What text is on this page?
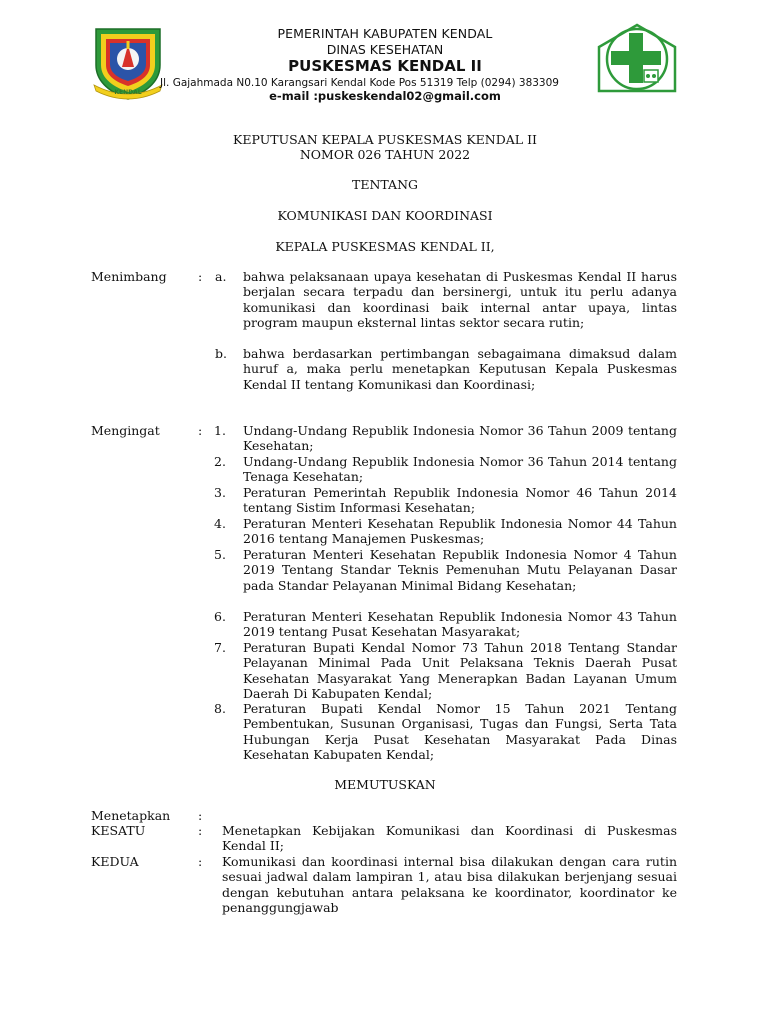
KENDAL
PEMERINTAH KABUPATEN KENDAL
DINAS KESEHATAN
PUSKESMAS KENDAL II
Jl. Gajahmada N0.10 Karangsari Kendal Kode Pos 51319 Telp (0294) 383309
e-mail :puskeskendal02@gmail.com
KEPUTUSAN KEPALA PUSKESMAS KENDAL II
NOMOR 026 TAHUN 2022
TENTANG
KOMUNIKASI DAN KOORDINASI
KEPALA PUSKESMAS KENDAL II,
Menimbang	: a.	bahwa pelaksanaan upaya kesehatan di Puskesmas Kendal II harus berjalan secara terpadu dan bersinergi, untuk itu perlu adanya komunikasi dan koordinasi baik internal antar upaya, lintas program maupun eksternal lintas sektor secara rutin;
b.	bahwa berdasarkan pertimbangan sebagaimana dimaksud dalam huruf a, maka perlu menetapkan Keputusan Kepala Puskesmas Kendal II tentang Komunikasi dan Koordinasi;
Mengingat	: 1.	Undang-Undang Republik Indonesia Nomor 36 Tahun 2009 tentang Kesehatan;
2.	Undang-Undang Republik Indonesia Nomor 36 Tahun 2014 tentang Tenaga Kesehatan;
3.	Peraturan Pemerintah Republik Indonesia Nomor 46 Tahun 2014 tentang Sistim Informasi Kesehatan;
4.	Peraturan Menteri Kesehatan Republik Indonesia Nomor 44 Tahun 2016 tentang Manajemen Puskesmas;
5.	Peraturan Menteri Kesehatan Republik Indonesia Nomor 4 Tahun 2019 Tentang Standar Teknis Pemenuhan Mutu Pelayanan Dasar pada Standar Pelayanan Minimal Bidang Kesehatan;
6.	Peraturan Menteri Kesehatan Republik Indonesia Nomor 43 Tahun 2019 tentang Pusat Kesehatan Masyarakat;
7.	Peraturan Bupati Kendal Nomor 73 Tahun 2018 Tentang Standar Pelayanan Minimal Pada Unit Pelaksana Teknis Daerah Pusat Kesehatan Masyarakat Yang Menerapkan Badan Layanan Umum Daerah Di Kabupaten Kendal;
8.	Peraturan Bupati Kendal Nomor 15 Tahun 2021 Tentang Pembentukan, Susunan Organisasi, Tugas dan Fungsi, Serta Tata Hubungan Kerja Pusat Kesehatan Masyarakat Pada Dinas Kesehatan Kabupaten Kendal;
MEMUTUSKAN
Menetapkan :
KESATU	: Menetapkan Kebijakan Komunikasi dan Koordinasi di Puskesmas Kendal II;
KEDUA	: Komunikasi dan koordinasi internal bisa dilakukan dengan cara rutin sesuai jadwal dalam lampiran 1, atau bisa dilakukan berjenjang sesuai dengan kebutuhan antara pelaksana ke koordinator, koordinator ke penanggungjawab
